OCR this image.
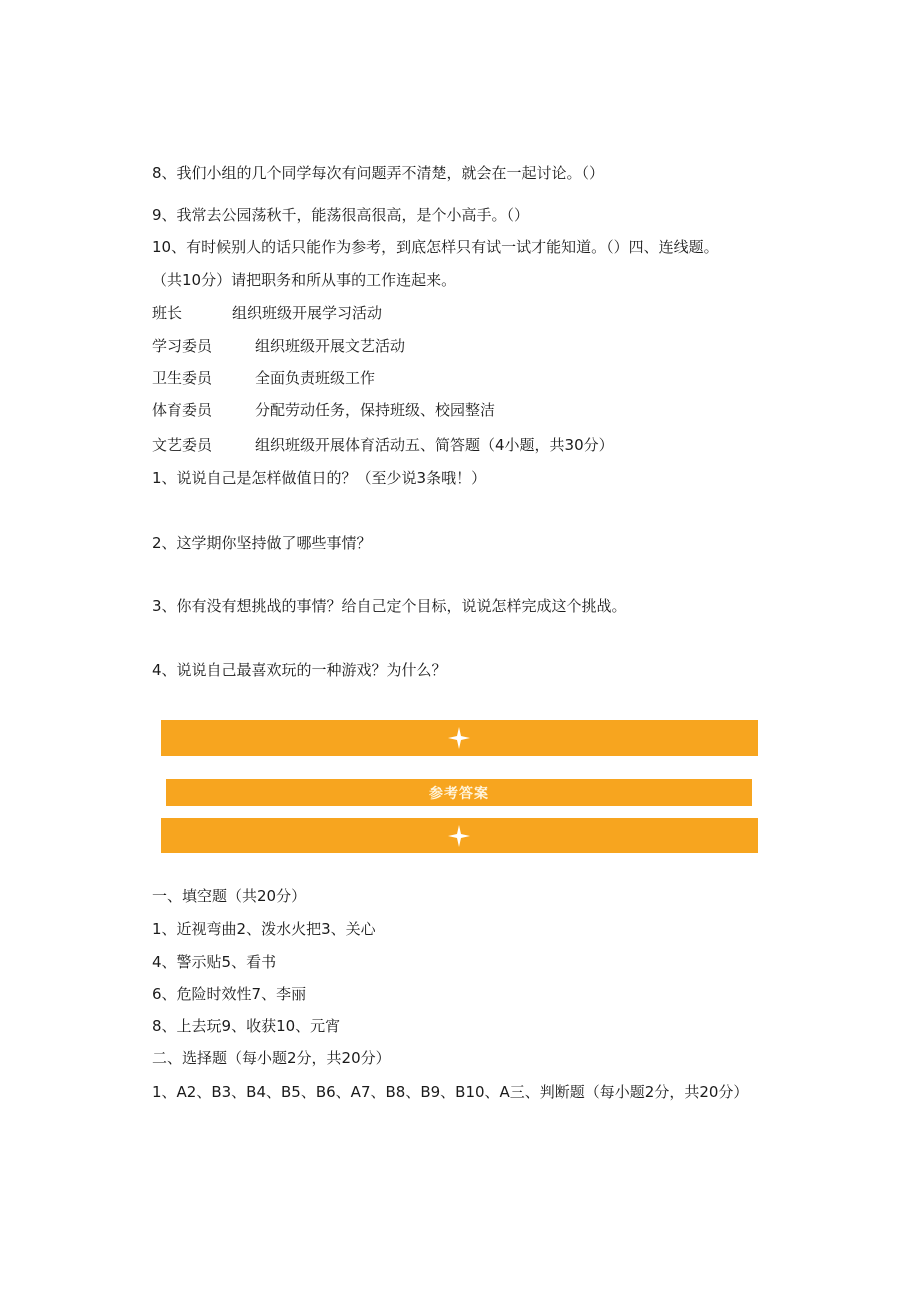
8、我们小组的几个同学每次有问题弄不清楚，就会在一起讨论。（）
9、我常去公园荡秋千，能荡很高很高，是个小高手。（）
10、有时候别人的话只能作为参考，到底怎样只有试一试才能知道。（）四、连线题。
（共10分）请把职务和所从事的工作连起来。
班长	组织班级开展学习活动
学习委员	组织班级开展文艺活动
卫生委员	全面负责班级工作
体育委员	分配劳动任务，保持班级、校园整洁
文艺委员	组织班级开展体育活动五、简答题（4小题，共30分）
1、说说自己是怎样做值日的？（至少说3条哦！）
2、这学期你坚持做了哪些事情？
3、你有没有想挑战的事情？给自己定个目标，说说怎样完成这个挑战。
4、说说自己最喜欢玩的一种游戏？为什么？
参考答案
一、填空题（共20分）
1、近视弯曲2、泼水火把3、关心
4、警示贴5、看书
6、危险时效性7、李丽
8、上去玩9、收获10、元宵
二、选择题（每小题2分，共20分）
1、A2、B3、B4、B5、B6、A7、B8、B9、B10、A三、判断题（每小题2分，共20分）
